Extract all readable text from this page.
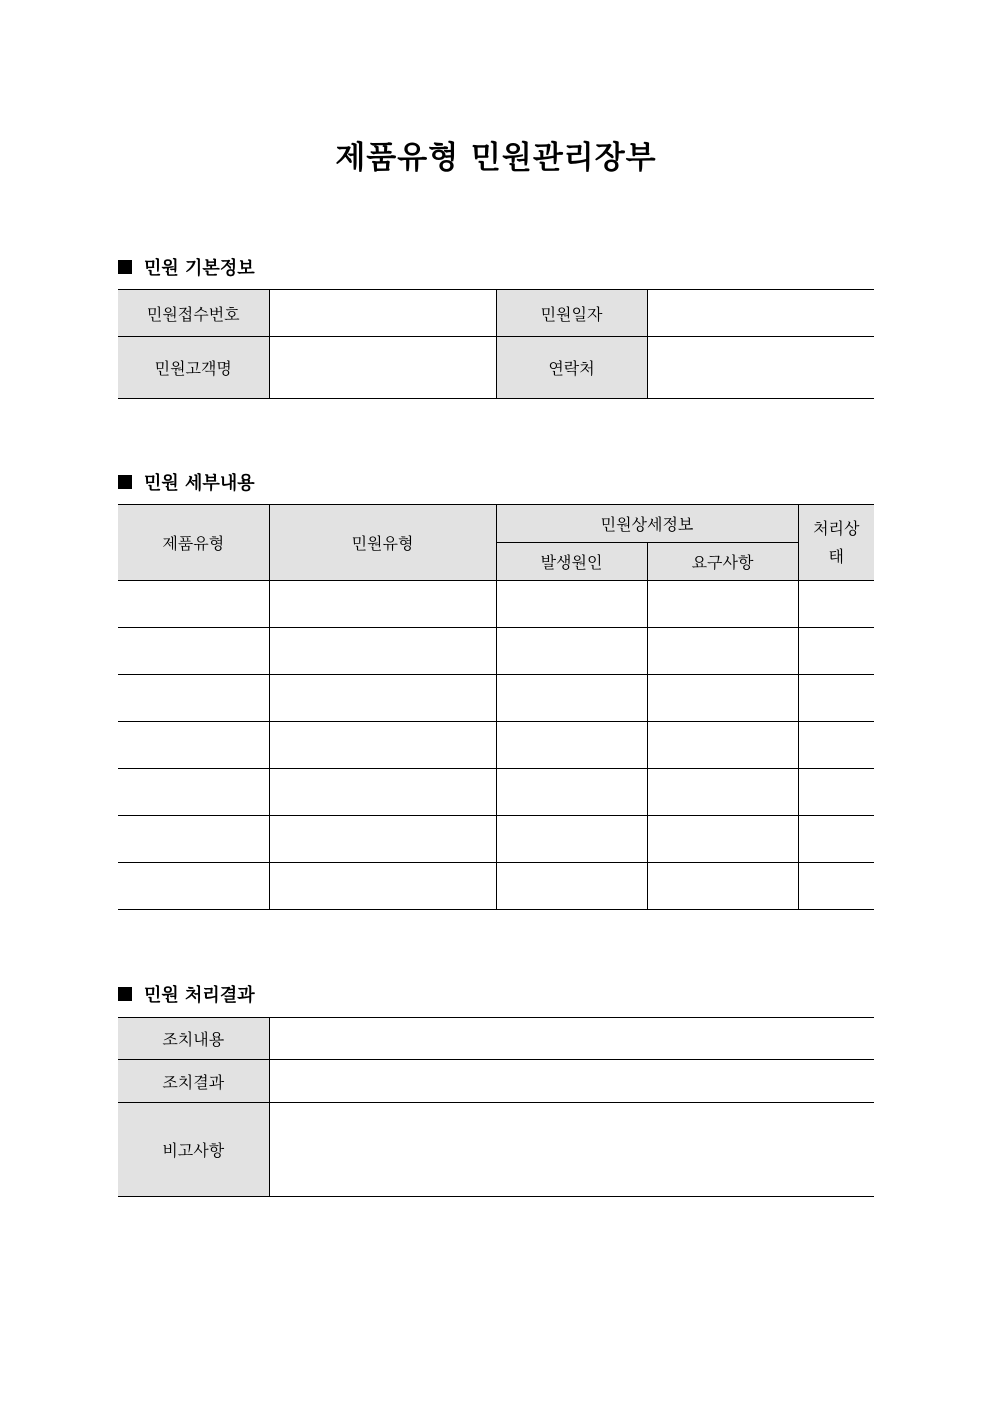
제품유형 민원관리장부
민원 기본정보
민원접수번호		민원일자	
민원고객명		연락처	
민원 세부내용
제품유형	민원유형	민원상세정보		처리상
태

		발생원인	요구사항	

민원 처리결과
조치내용	
조치결과	
비고사항	
